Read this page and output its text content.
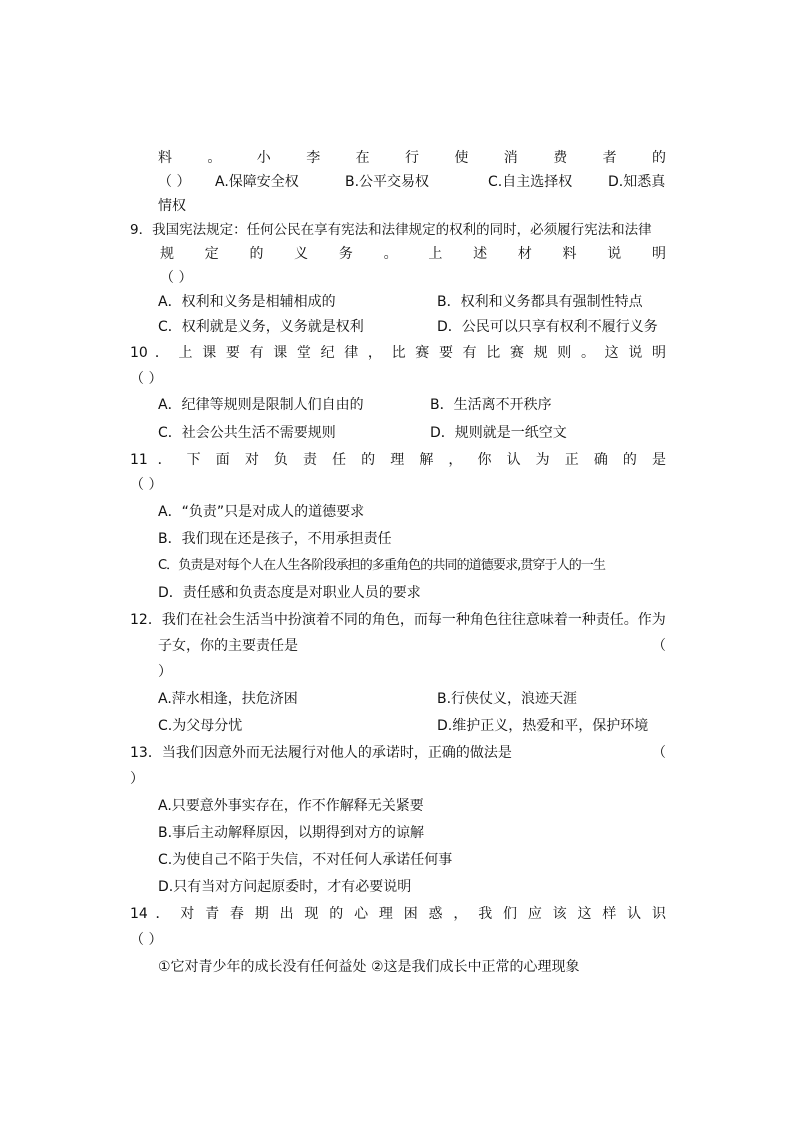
料 。 小 李 在 行 使 消 费 者 的
（ ） A.保障安全权	B.公平交易权	C.自主选择权	D.知悉真
情权
9．我国宪法规定：任何公民在享有宪法和法律规定的权利的同时，必须履行宪法和法律
规 定 的 义 务 。 上 述 材 料 说 明
（ ）
A．权利和义务是相辅相成的	B．权利和义务都具有强制性特点
C．权利就是义务，义务就是权利	D．公民可以只享有权利不履行义务
10 ． 上 课 要 有 课 堂 纪 律 ， 比 赛 要 有 比 赛 规 则 。 这 说 明
（ ）
A．纪律等规则是限制人们自由的	B．生活离不开秩序
C．社会公共生活不需要规则	D．规则就是一纸空文
11 ． 下 面 对 负 责 任 的 理 解 ， 你 认 为 正 确 的 是
（ ）
A．“负责”只是对成人的道德要求
B．我们现在还是孩子，不用承担责任
C．负责是对每个人在人生各阶段承担的多重角色的共同的道德要求,贯穿于人的一生
D．责任感和负责态度是对职业人员的要求
12．我们在社会生活当中扮演着不同的角色，而每一种角色往往意味着一种责任。作为
子女，你的主要责任是	（
）
A.萍水相逢，扶危济困	B.行侠仗义，浪迹天涯
C.为父母分忧	D.维护正义，热爱和平，保护环境
13．当我们因意外而无法履行对他人的承诺时，正确的做法是	（
）
A.只要意外事实存在，作不作解释无关紧要
B.事后主动解释原因，以期得到对方的谅解
C.为使自己不陷于失信，不对任何人承诺任何事
D.只有当对方问起原委时，才有必要说明
14 ． 对 青 春 期 出 现 的 心 理 困 惑 ， 我 们 应 该 这 样 认 识
（ ）
①它对青少年的成长没有任何益处 ②这是我们成长中正常的心理现象
